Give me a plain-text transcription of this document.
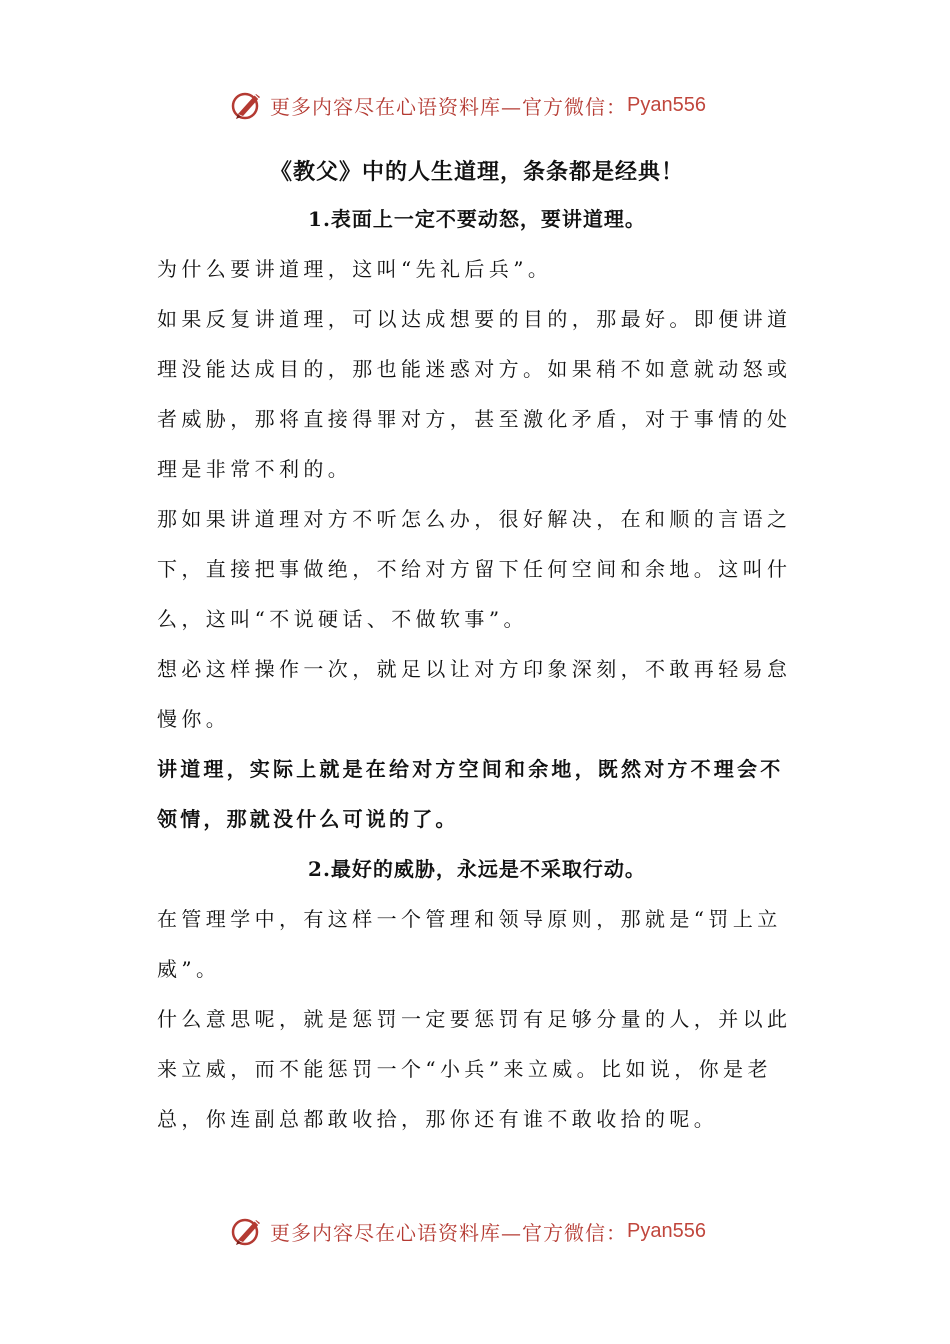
更多内容尽在心语资料库—官方微信： Pyan556
《教父》中的人生道理，条条都是经典！
1.表面上一定不要动怒，要讲道理。
为什么要讲道理，这叫“先礼后兵”。
如果反复讲道理，可以达成想要的目的，那最好。即便讲道理没能达成目的，那也能迷惑对方。如果稍不如意就动怒或者威胁，那将直接得罪对方，甚至激化矛盾，对于事情的处理是非常不利的。
那如果讲道理对方不听怎么办，很好解决，在和顺的言语之下，直接把事做绝，不给对方留下任何空间和余地。这叫什么，这叫“不说硬话、不做软事”。
想必这样操作一次，就足以让对方印象深刻，不敢再轻易怠慢你。
讲道理，实际上就是在给对方空间和余地，既然对方不理会不领情，那就没什么可说的了。
2.最好的威胁，永远是不采取行动。
在管理学中，有这样一个管理和领导原则，那就是“罚上立威”。
什么意思呢，就是惩罚一定要惩罚有足够分量的人，并以此来立威，而不能惩罚一个“小兵”来立威。比如说，你是老总，你连副总都敢收拾，那你还有谁不敢收拾的呢。
更多内容尽在心语资料库—官方微信： Pyan556
